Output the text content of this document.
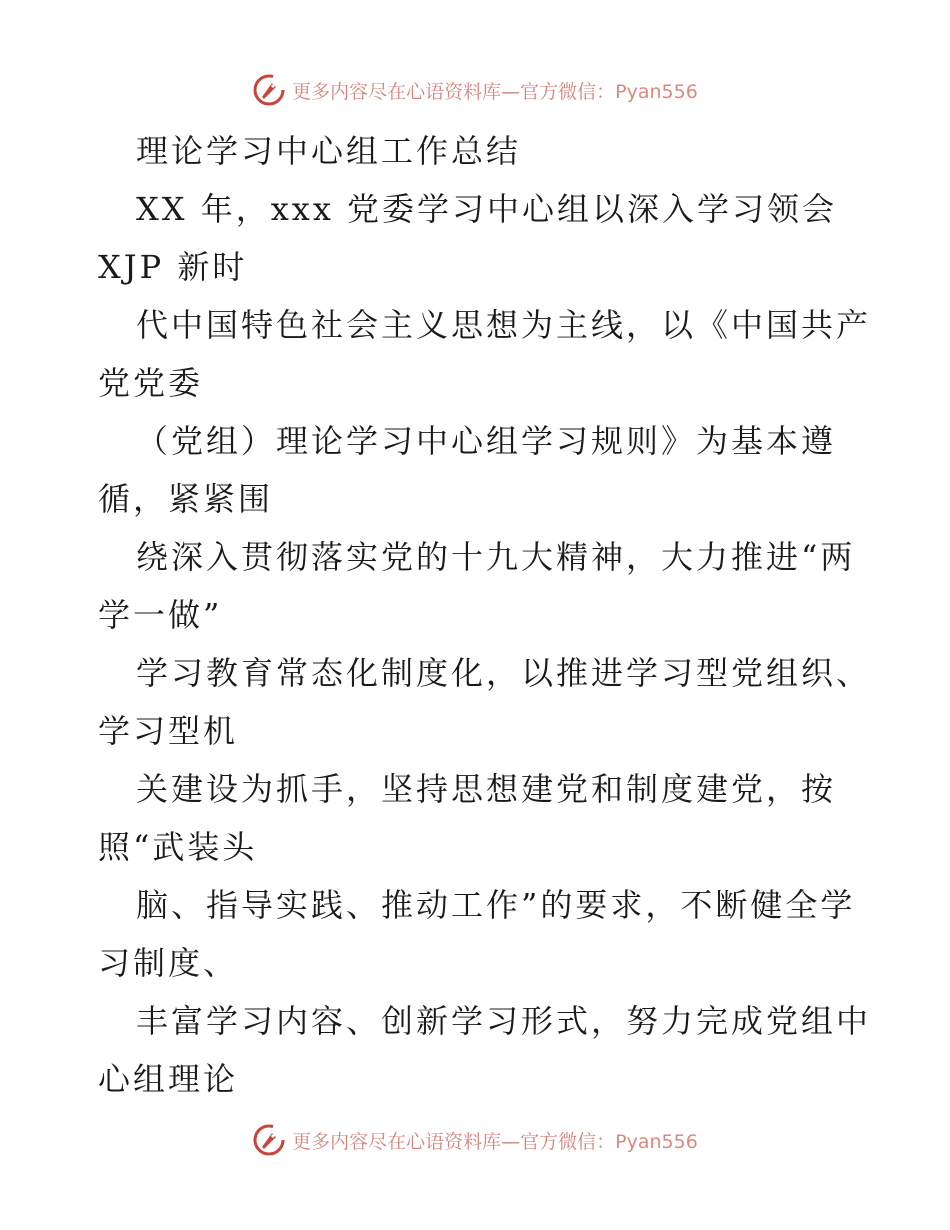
更多内容尽在心语资料库—官方微信：Pyan556
理论学习中心组工作总结
XX 年，xxx 党委学习中心组以深入学习领会
XJP 新时
代中国特色社会主义思想为主线，以《中国共产
党党委
（党组）理论学习中心组学习规则》为基本遵
循，紧紧围
绕深入贯彻落实党的十九大精神，大力推进“两
学一做”
学习教育常态化制度化，以推进学习型党组织、
学习型机
关建设为抓手，坚持思想建党和制度建党，按
照“武装头
脑、指导实践、推动工作”的要求，不断健全学
习制度、
丰富学习内容、创新学习形式，努力完成党组中
心组理论
更多内容尽在心语资料库—官方微信：Pyan556
